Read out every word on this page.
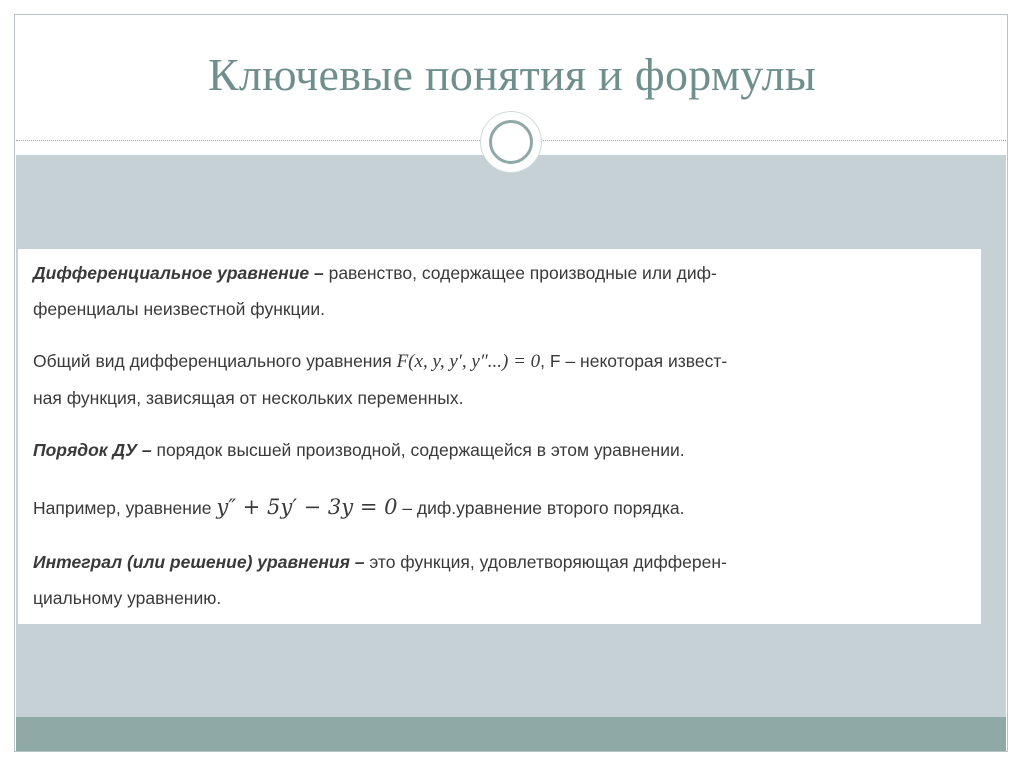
Ключевые понятия и формулы
Дифференциальное уравнение – равенство, содержащее производные или диф-
ференциалы неизвестной функции.
Общий вид дифференциального уравнения F(x, y, y′, y″...) = 0, F – некоторая извест-
ная функция, зависящая от нескольких переменных.
Порядок ДУ – порядок высшей производной, содержащейся в этом уравнении.
Например, уравнение y″ + 5y′ − 3y = 0 – диф.уравнение второго порядка.
Интеграл (или решение) уравнения – это функция, удовлетворяющая дифферен-
циальному уравнению.
